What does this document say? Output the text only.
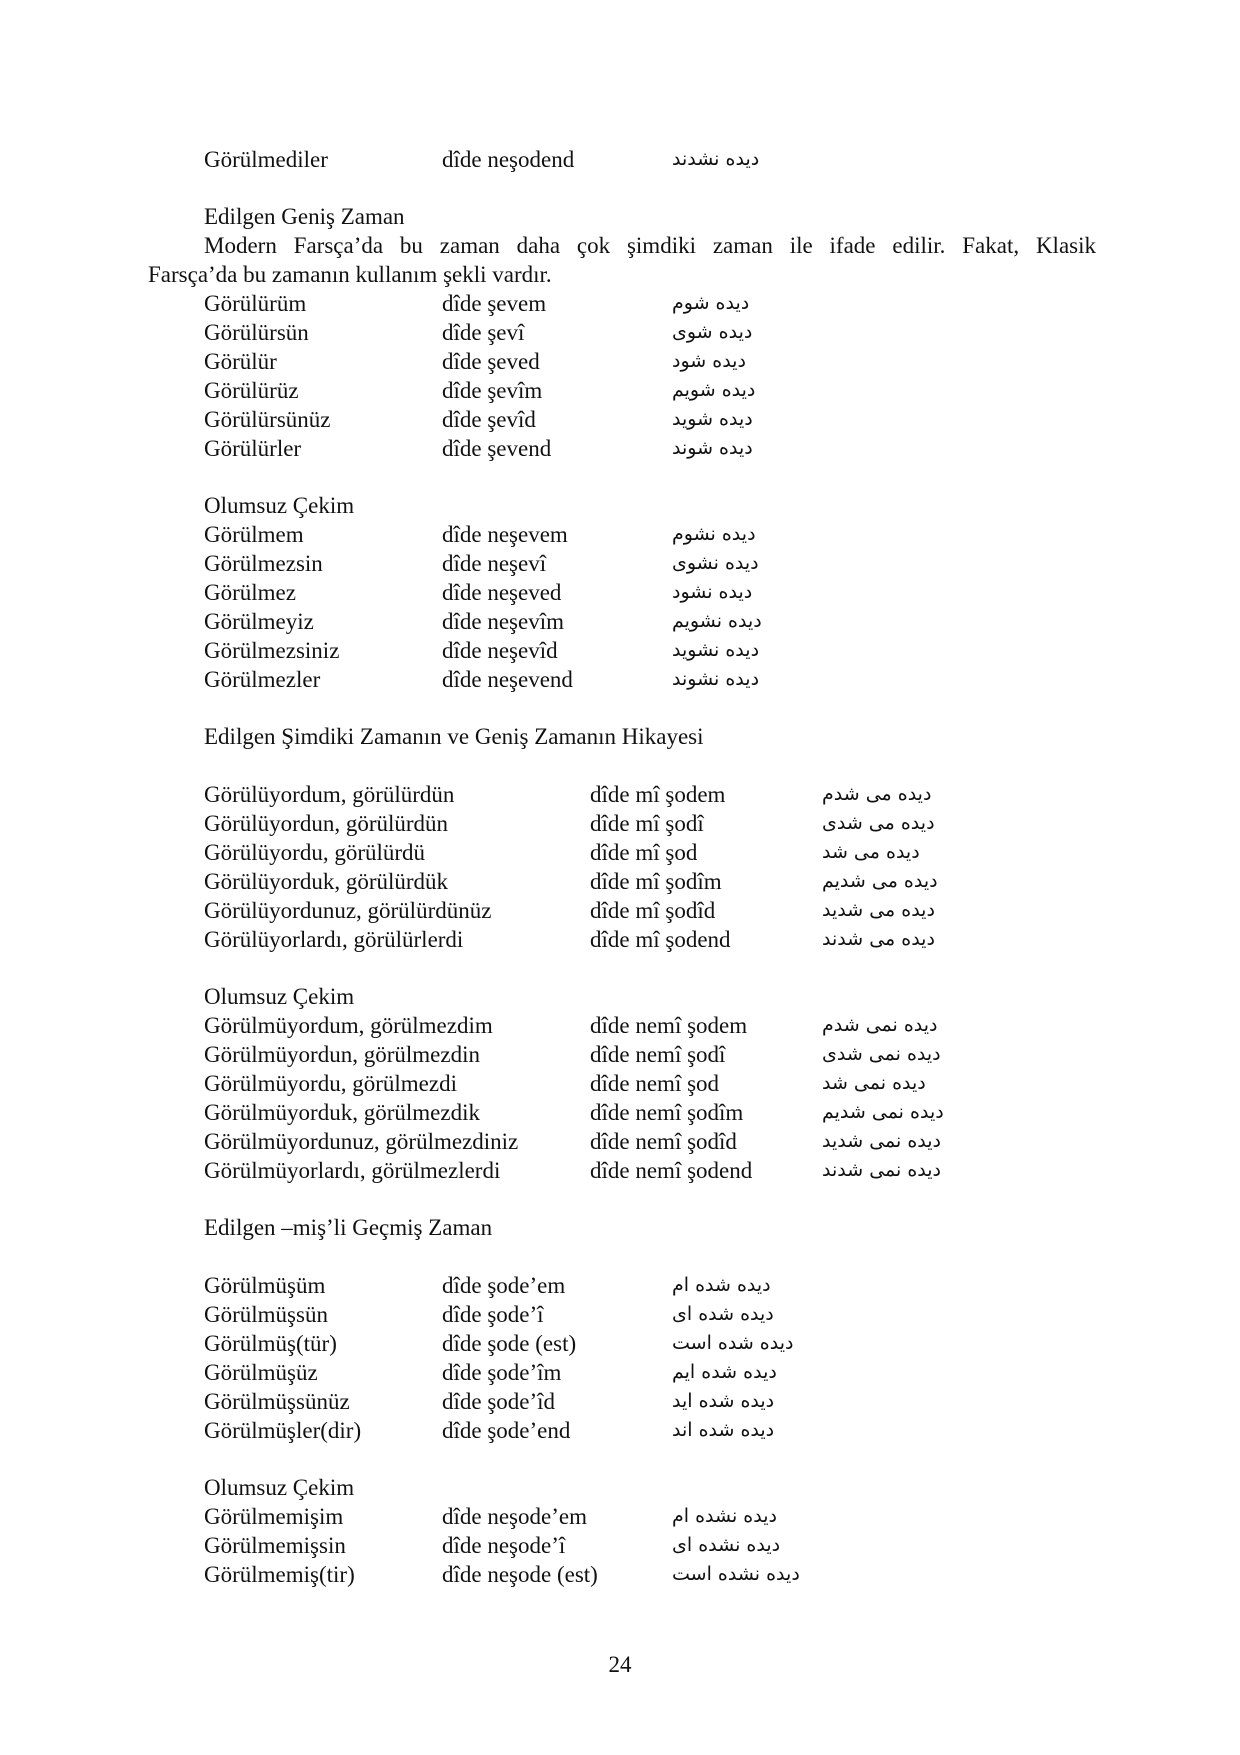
Görülmediler	dîde neşodend	دیده نشدند
Edilgen Geniş Zaman
Modern Farsça’da bu zaman daha çok şimdiki zaman ile ifade edilir. Fakat, Klasik
Farsça’da bu zamanın kullanım şekli vardır.
Görülürüm	dîde şevem	دیده شوم
Görülürsün	dîde şevî	دیده شوی
Görülür	dîde şeved	دیده شود
Görülürüz	dîde şevîm	دیده شویم
Görülürsünüz	dîde şevîd	دیده شوید
Görülürler	dîde şevend	دیده شوند
Olumsuz Çekim
Görülmem	dîde neşevem	دیده نشوم
Görülmezsin	dîde neşevî	دیده نشوی
Görülmez	dîde neşeved	دیده نشود
Görülmeyiz	dîde neşevîm	دیده نشویم
Görülmezsiniz	dîde neşevîd	دیده نشوید
Görülmezler	dîde neşevend	دیده نشوند
Edilgen Şimdiki Zamanın ve Geniş Zamanın Hikayesi
Görülüyordum, görülürdün	dîde mî şodem	دیده می شدم
Görülüyordun, görülürdün	dîde mî şodî	دیده می شدی
Görülüyordu, görülürdü	dîde mî şod	دیده می شد
Görülüyorduk, görülürdük	dîde mî şodîm	دیده می شدیم
Görülüyordunuz, görülürdünüz	dîde mî şodîd	دیده می شدید
Görülüyorlardı, görülürlerdi	dîde mî şodend	دیده می شدند
Olumsuz Çekim
Görülmüyordum, görülmezdim	dîde nemî şodem	دیده نمی شدم
Görülmüyordun, görülmezdin	dîde nemî şodî	دیده نمی شدی
Görülmüyordu, görülmezdi	dîde nemî şod	دیده نمی شد
Görülmüyorduk, görülmezdik	dîde nemî şodîm	دیده نمی شدیم
Görülmüyordunuz, görülmezdiniz	dîde nemî şodîd	دیده نمی شدید
Görülmüyorlardı, görülmezlerdi	dîde nemî şodend	دیده نمی شدند
Edilgen –miş’li Geçmiş Zaman
Görülmüşüm	dîde şode’em	دیده شده ام
Görülmüşsün	dîde şode’î	دیده شده ای
Görülmüş(tür)	dîde şode (est)	دیده شده است
Görülmüşüz	dîde şode’îm	دیده شده ایم
Görülmüşsünüz	dîde şode’îd	دیده شده اید
Görülmüşler(dir)	dîde şode’end	دیده شده اند
Olumsuz Çekim
Görülmemişim	dîde neşode’em	دیده نشده ام
Görülmemişsin	dîde neşode’î	دیده نشده ای
Görülmemiş(tir)	dîde neşode (est)	دیده نشده است
24
